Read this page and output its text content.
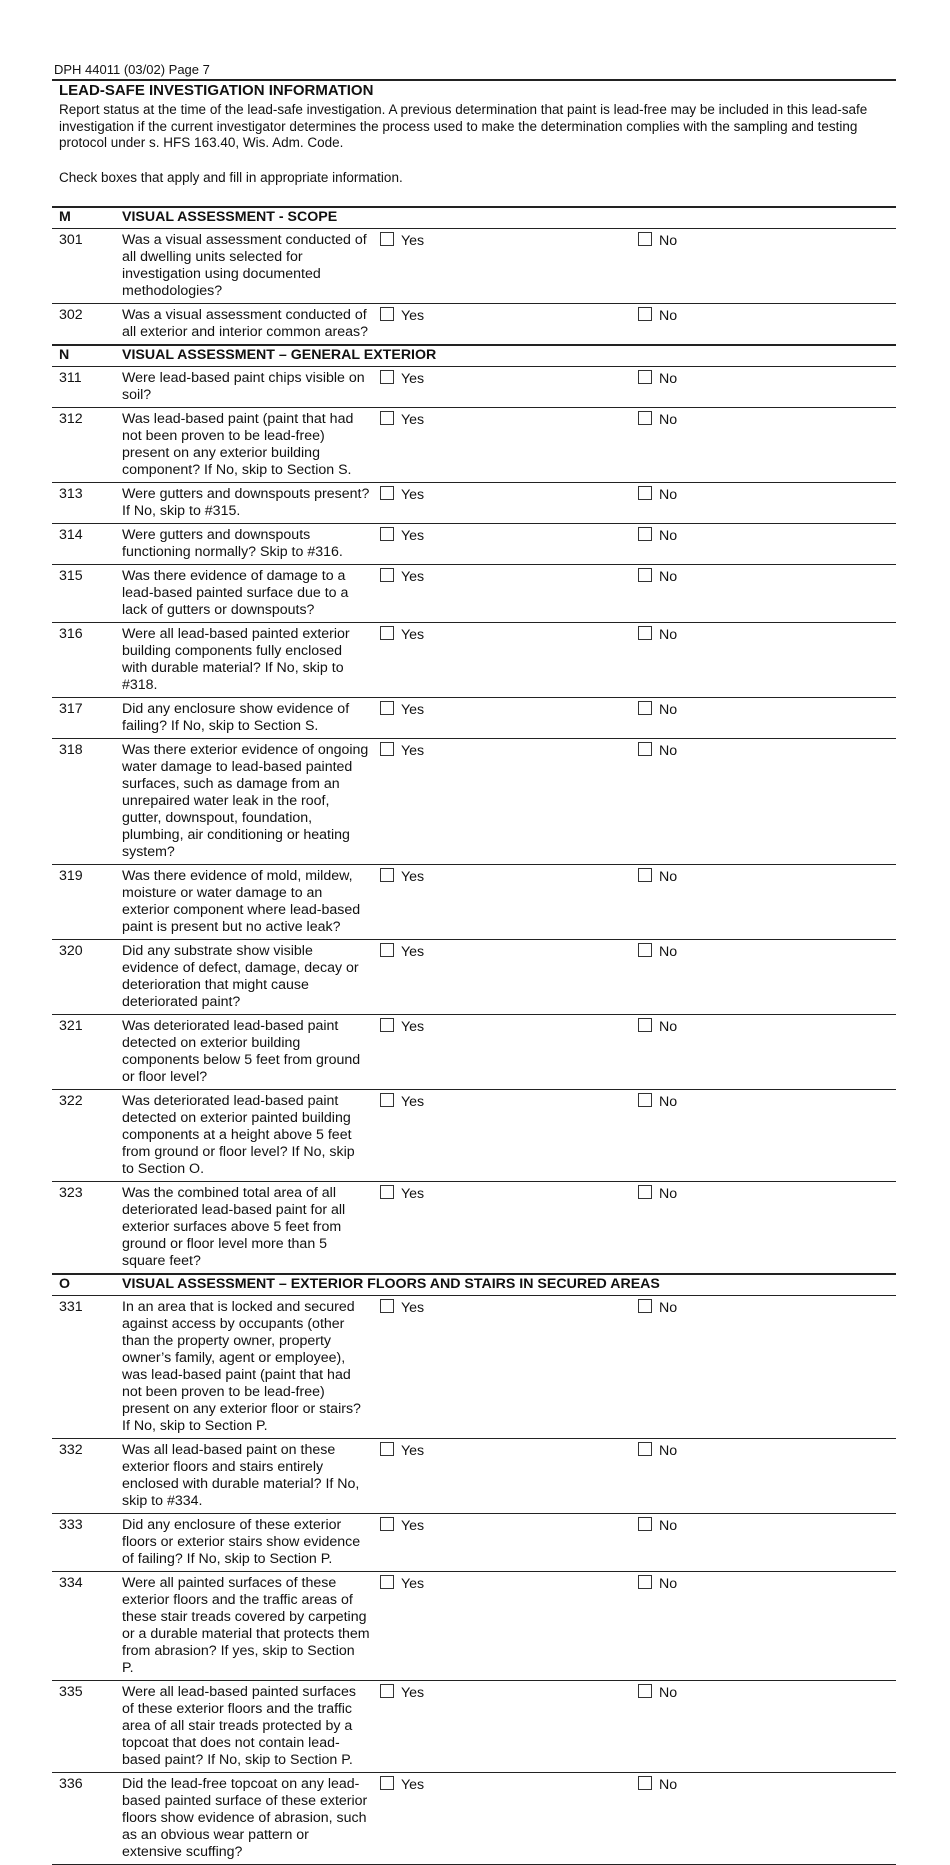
DPH 44011 (03/02) Page 7
LEAD-SAFE INVESTIGATION INFORMATION
Report status at the time of the lead-safe investigation. A previous determination that paint is lead-free may be included in this lead-safe investigation if the current investigator determines the process used to make the determination complies with the sampling and testing protocol under s. HFS 163.40, Wis. Adm. Code.
Check boxes that apply and fill in appropriate information.
M	VISUAL ASSESSMENT - SCOPE		
301	Was a visual assessment conducted of all dwelling units selected for investigation using documented methodologies?	Yes	No
302	Was a visual assessment conducted of all exterior and interior common areas?	Yes	No
N	VISUAL ASSESSMENT – GENERAL EXTERIOR		
311	Were lead-based paint chips visible on soil?	Yes	No
312	Was lead-based paint (paint that had not been proven to be lead-free) present on any exterior building component? If No, skip to Section S.	Yes	No
313	Were gutters and downspouts present? If No, skip to #315.	Yes	No
314	Were gutters and downspouts functioning normally? Skip to #316.	Yes	No
315	Was there evidence of damage to a lead-based painted surface due to a lack of gutters or downspouts?	Yes	No
316	Were all lead-based painted exterior building components fully enclosed with durable material? If No, skip to #318.	Yes	No
317	Did any enclosure show evidence of failing? If No, skip to Section S.	Yes	No
318	Was there exterior evidence of ongoing water damage to lead-based painted surfaces, such as damage from an unrepaired water leak in the roof, gutter, downspout, foundation, plumbing, air conditioning or heating system?	Yes	No
319	Was there evidence of mold, mildew, moisture or water damage to an exterior component where lead-based paint is present but no active leak?	Yes	No
320	Did any substrate show visible evidence of defect, damage, decay or deterioration that might cause deteriorated paint?	Yes	No
321	Was deteriorated lead-based paint detected on exterior building components below 5 feet from ground or floor level?	Yes	No
322	Was deteriorated lead-based paint detected on exterior painted building components at a height above 5 feet from ground or floor level? If No, skip to Section O.	Yes	No
323	Was the combined total area of all deteriorated lead-based paint for all exterior surfaces above 5 feet from ground or floor level more than 5 square feet?	Yes	No
O	VISUAL ASSESSMENT – EXTERIOR FLOORS AND STAIRS IN SECURED AREAS		
331	In an area that is locked and secured against access by occupants (other than the property owner, property owner’s family, agent or employee), was lead-based paint (paint that had not been proven to be lead-free) present on any exterior floor or stairs? If No, skip to Section P.	Yes	No
332	Was all lead-based paint on these exterior floors and stairs entirely enclosed with durable material? If No, skip to #334.	Yes	No
333	Did any enclosure of these exterior floors or exterior stairs show evidence of failing? If No, skip to Section P.	Yes	No
334	Were all painted surfaces of these exterior floors and the traffic areas of these stair treads covered by carpeting or a durable material that protects them from abrasion? If yes, skip to Section P.	Yes	No
335	Were all lead-based painted surfaces of these exterior floors and the traffic area of all stair treads protected by a topcoat that does not contain lead-based paint? If No, skip to Section P.	Yes	No
336	Did the lead-free topcoat on any lead-based painted surface of these exterior floors show evidence of abrasion, such as an obvious wear pattern or extensive scuffing?	Yes	No
